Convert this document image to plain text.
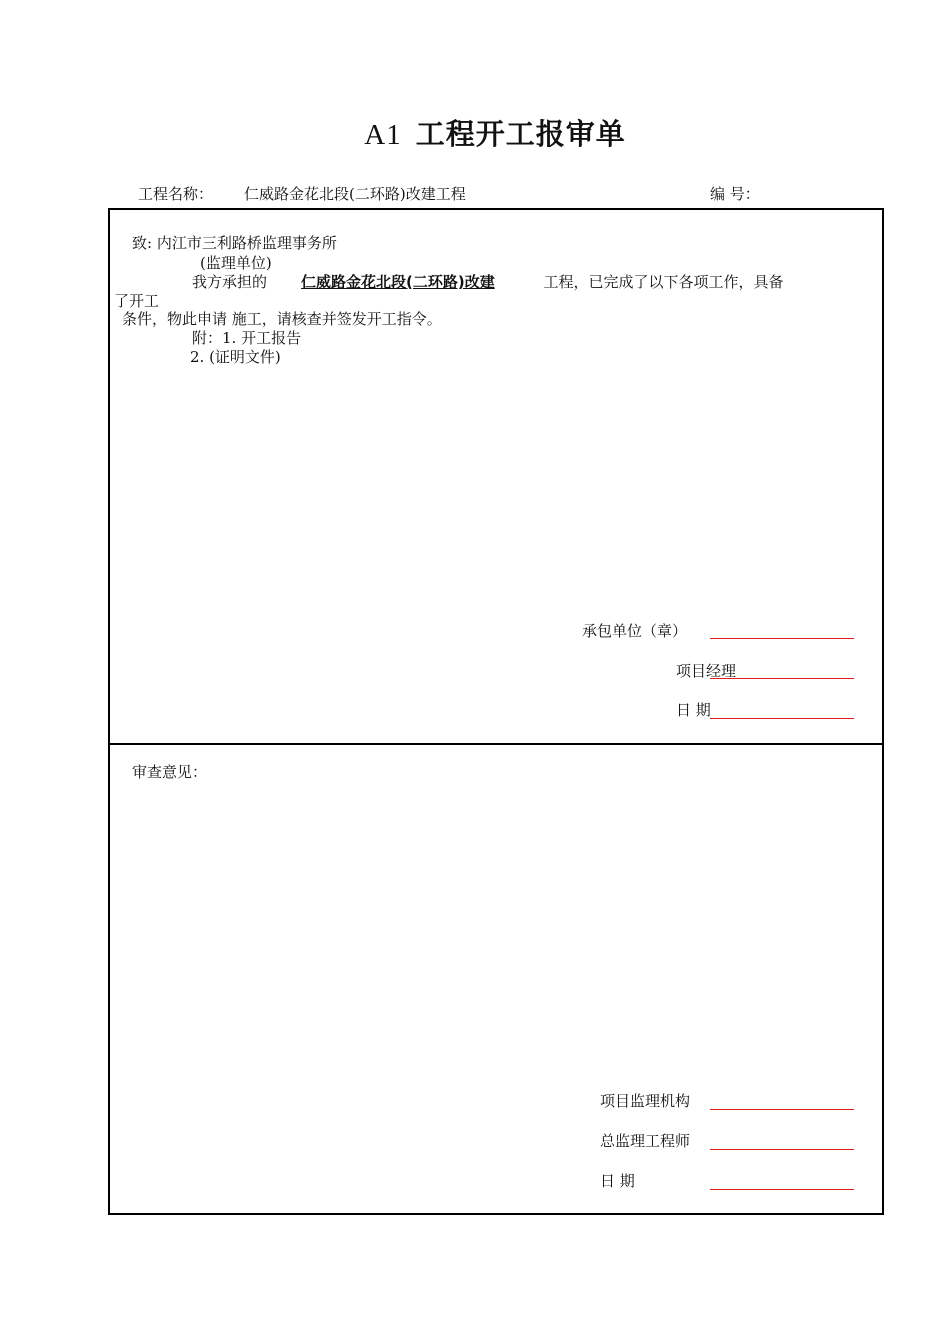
A1 工程开工报审单
工程名称： 仁威路金花北段(二环路)改建工程	编 号：
致: 内江市三利路桥监理事务所
(监理单位)
我方承担的 仁威路金花北段(二环路)改建	工程，已完成了以下各项工作，具备
了开工
条件，物此申请 施工，请核查并签发开工指令。
附：1. 开工报告
2. (证明文件)
承包单位（章）
项目经理
日 期
审查意见：
项目监理机构
总监理工程师
日 期
